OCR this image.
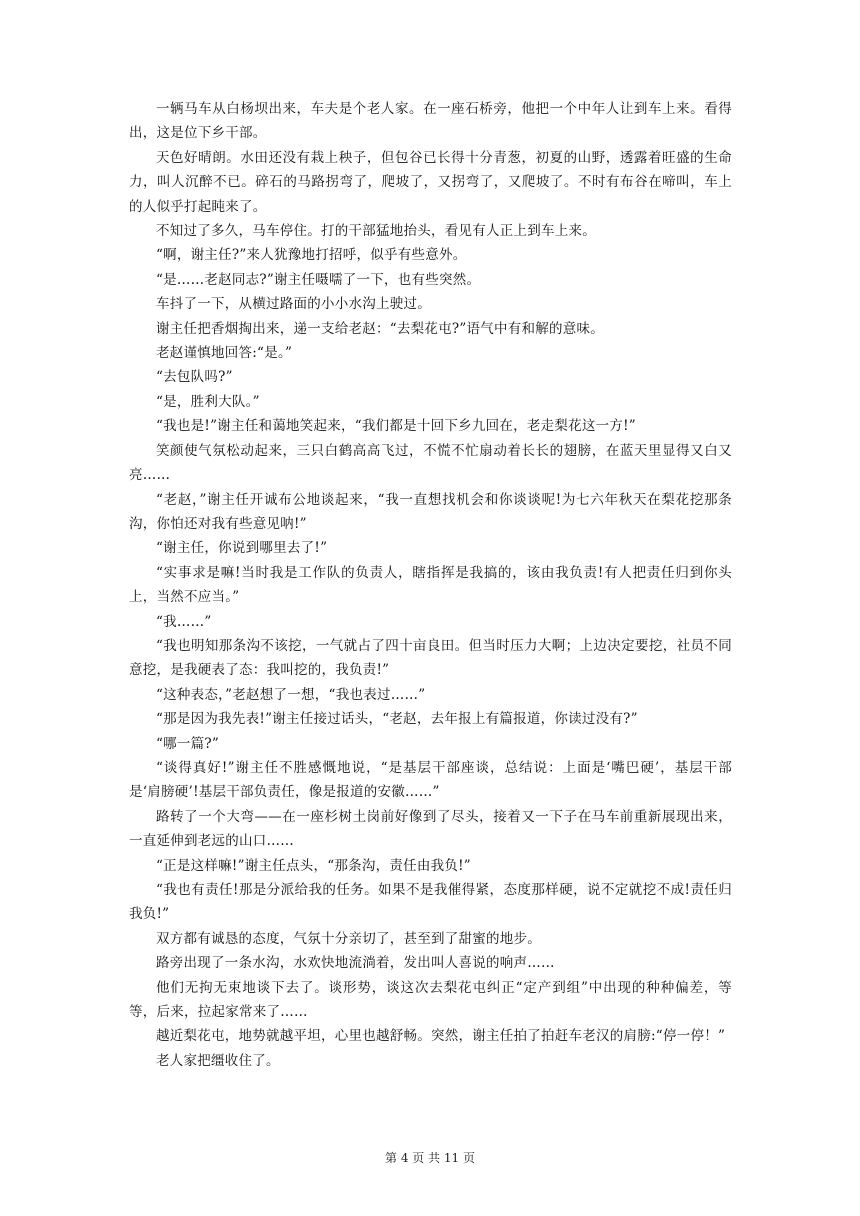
一辆马车从白杨坝出来，车夫是个老人家。在一座石桥旁，他把一个中年人让到车上来。看得出，这是位下乡干部。

天色好晴朗。水田还没有栽上秧子，但包谷已长得十分青葱，初夏的山野，透露着旺盛的生命力，叫人沉醉不已。碎石的马路拐弯了，爬坡了，又拐弯了，又爬坡了。不时有布谷在啼叫，车上的人似乎打起盹来了。

不知过了多久，马车停住。打的干部猛地抬头，看见有人正上到车上来。

“啊，谢主任?”来人犹豫地打招呼，似乎有些意外。

“是……老赵同志?”谢主任嗫嚅了一下，也有些突然。

车抖了一下，从横过路面的小小水沟上驶过。

谢主任把香烟掏出来，递一支给老赵：“去梨花屯?”语气中有和解的意味。

老赵谨慎地回答:“是。”

“去包队吗?”

“是，胜利大队。”

“我也是!”谢主任和蔼地笑起来，“我们都是十回下乡九回在，老走梨花这一方!”

笑颜使气氛松动起来，三只白鹤高高飞过，不慌不忙扇动着长长的翅膀，在蓝天里显得又白又亮……

“老赵，”谢主任开诚布公地谈起来，“我一直想找机会和你谈谈呢!为七六年秋天在梨花挖那条沟，你怕还对我有些意见呐!”

“谢主任，你说到哪里去了!”

“实事求是嘛!当时我是工作队的负责人，瞎指挥是我搞的，该由我负责!有人把责任归到你头上，当然不应当。”

“我……”

“我也明知那条沟不该挖，一气就占了四十亩良田。但当时压力大啊；上边决定要挖，社员不同意挖，是我硬表了态：我叫挖的，我负责!”

“这种表态，”老赵想了一想，“我也表过……”

“那是因为我先表!”谢主任接过话头，“老赵，去年报上有篇报道，你读过没有?”

“哪一篇?”

“谈得真好!”谢主任不胜感慨地说，“是基层干部座谈，总结说：上面是‘嘴巴硬’，基层干部是‘肩膀硬’!基层干部负责任，像是报道的安徽……”

路转了一个大弯——在一座杉树土岗前好像到了尽头，接着又一下子在马车前重新展现出来，一直延伸到老远的山口……

“正是这样嘛!”谢主任点头，“那条沟，责任由我负!”

“我也有责任!那是分派给我的任务。如果不是我催得紧，态度那样硬，说不定就挖不成!责任归我负!”

双方都有诚恳的态度，气氛十分亲切了，甚至到了甜蜜的地步。

路旁出现了一条水沟，水欢快地流淌着，发出叫人喜说的响声……

他们无拘无束地谈下去了。谈形势，谈这次去梨花屯纠正“定产到组”中出现的种种偏差，等等，后来，拉起家常来了……

越近梨花屯，地势就越平坦，心里也越舒畅。突然，谢主任拍了拍赶车老汉的肩膀:“停一停！”

老人家把缰收住了。

第 4 页 共 11 页
